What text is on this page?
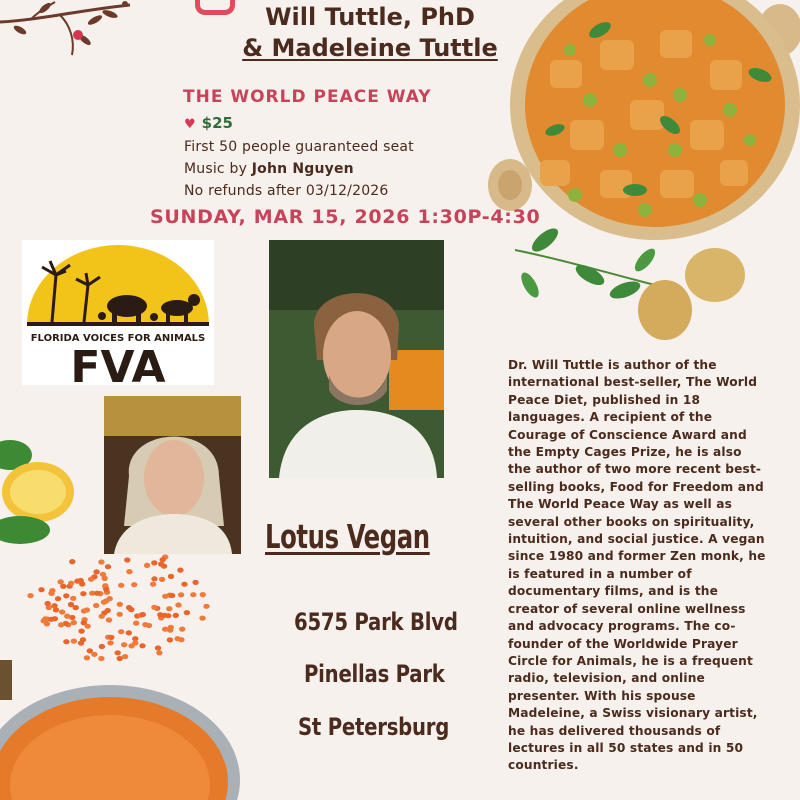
Will Tuttle, PhD
& Madeleine Tuttle
THE WORLD PEACE WAY
♥ $25
First 50 people guaranteed seat
Music by John Nguyen
No refunds after 03/12/2026
SUNDAY, MAR 15, 2026 1:30P-4:30
FLORIDA VOICES FOR ANIMALS
FVA
Lotus Vegan
6575 Park Blvd
Pinellas Park
St Petersburg
Dr. Will Tuttle is author of the international best-seller, The World Peace Diet, published in 18 languages. A recipient of the Courage of Conscience Award and the Empty Cages Prize, he is also the author of two more recent best-selling books, Food for Freedom and The World Peace Way as well as several other books on spirituality, intuition, and social justice. A vegan since 1980 and former Zen monk, he is featured in a number of documentary films, and is the creator of several online wellness and advocacy programs. The co-founder of the Worldwide Prayer Circle for Animals, he is a frequent radio, television, and online presenter. With his spouse Madeleine, a Swiss visionary artist, he has delivered thousands of lectures in all 50 states and in 50 countries.
